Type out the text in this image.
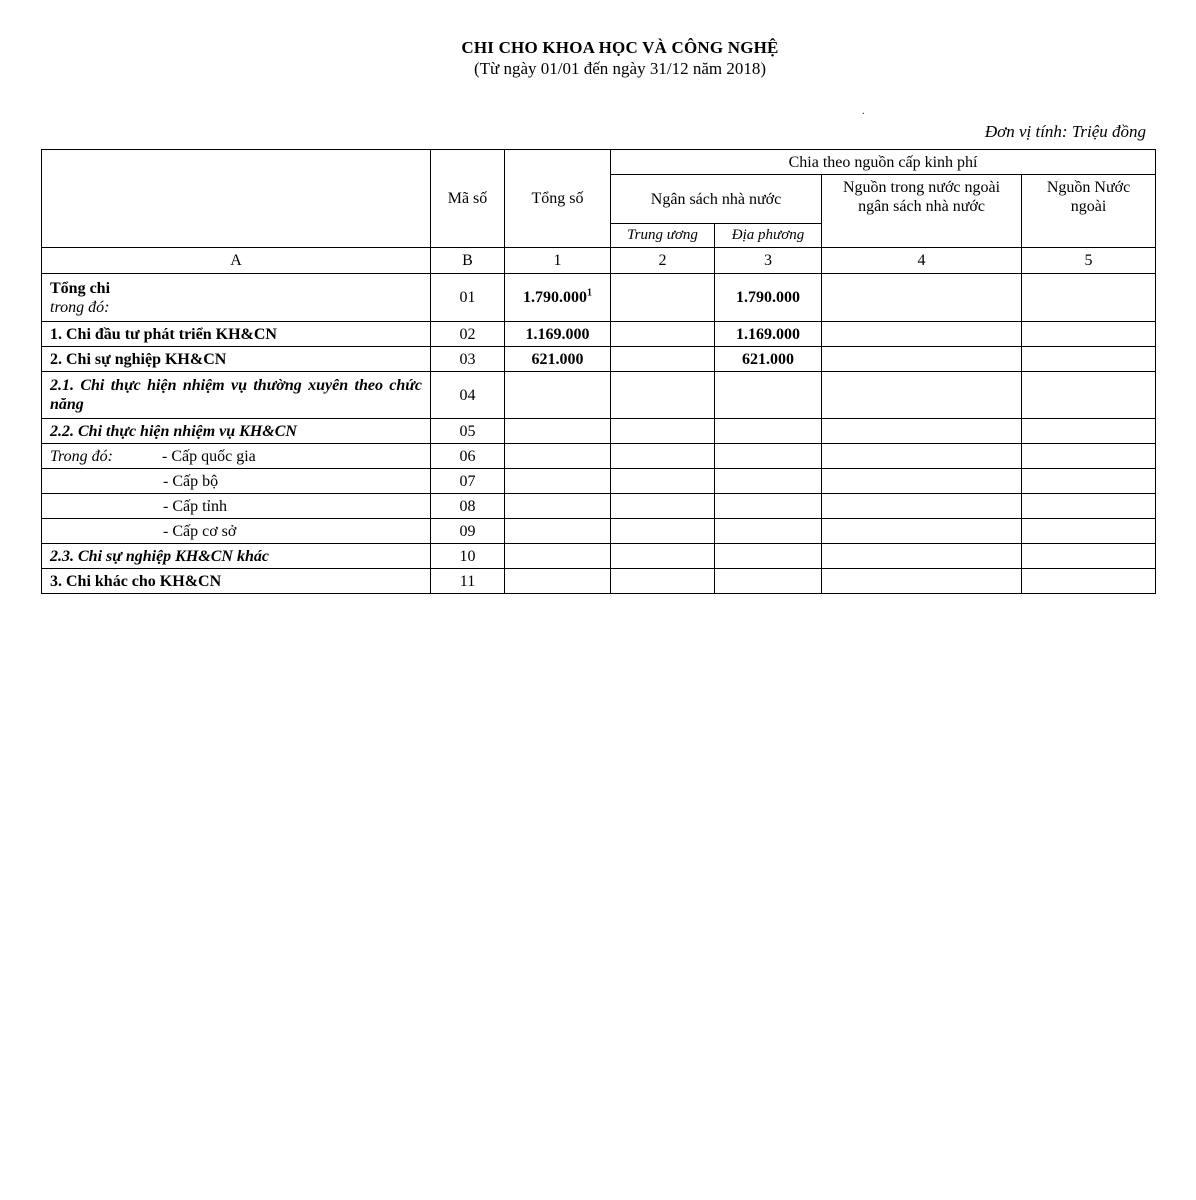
CHI CHO KHOA HỌC VÀ CÔNG NGHỆ
(Từ ngày 01/01 đến ngày 31/12 năm 2018)
.
Đơn vị tính: Triệu đồng
	Mã số	Tổng số	Chia theo nguồn cấp kinh phí			
			Ngân sách nhà nước		Nguồn trong nước ngoài ngân sách nhà nước	Nguồn Nước ngoài
			Trung ương	Địa phương		
A	B	1	2	3	4	5

Tổng chi
trong đó:	01	1.790.000$^1$		1.790.000		
1. Chi đầu tư phát triển KH&CN	02	1.169.000		1.169.000		
2. Chi sự nghiệp KH&CN	03	621.000		621.000		
2.1. Chi thực hiện nhiệm vụ thường xuyên theo chức năng	04					
2.2. Chi thực hiện nhiệm vụ KH&CN	05					
Trong đó: - Cấp quốc gia	06					
- Cấp bộ	07					
- Cấp tỉnh	08					
- Cấp cơ sở	09					
2.3. Chi sự nghiệp KH&CN khác	10					
3. Chi khác cho KH&CN	11					
